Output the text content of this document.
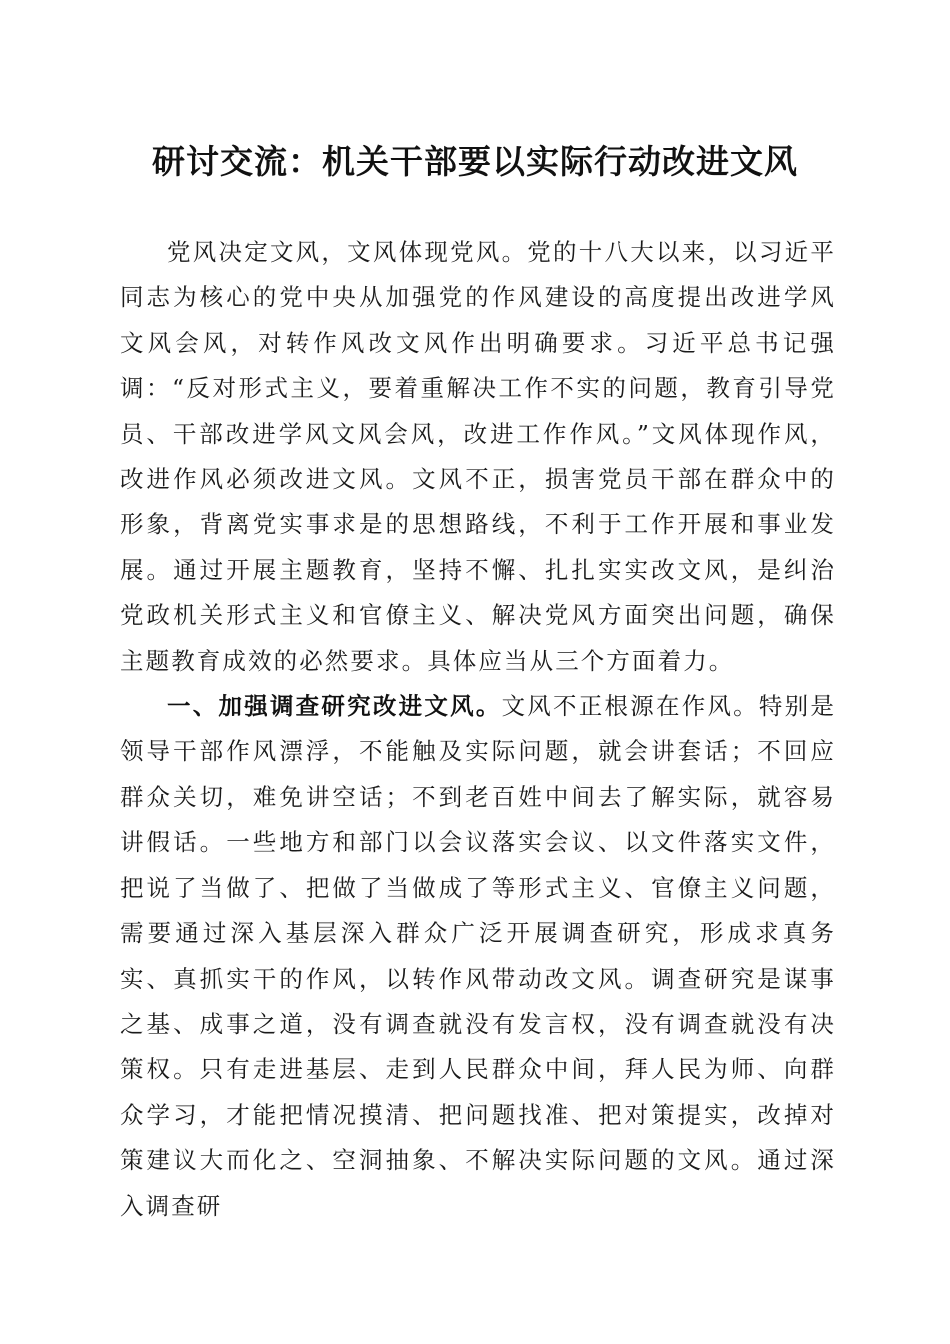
研讨交流：机关干部要以实际行动改进文风

党风决定文风，文风体现党风。党的十八大以来，以习近平同志为核心的党中央从加强党的作风建设的高度提出改进学风文风会风，对转作风改文风作出明确要求。习近平总书记强调：“反对形式主义，要着重解决工作不实的问题，教育引导党员、干部改进学风文风会风，改进工作作风。”文风体现作风，改进作风必须改进文风。文风不正，损害党员干部在群众中的形象，背离党实事求是的思想路线，不利于工作开展和事业发展。通过开展主题教育，坚持不懈、扎扎实实改文风，是纠治党政机关形式主义和官僚主义、解决党风方面突出问题，确保主题教育成效的必然要求。具体应当从三个方面着力。

一、加强调查研究改进文风。文风不正根源在作风。特别是领导干部作风漂浮，不能触及实际问题，就会讲套话；不回应群众关切，难免讲空话；不到老百姓中间去了解实际，就容易讲假话。一些地方和部门以会议落实会议、以文件落实文件，把说了当做了、把做了当做成了等形式主义、官僚主义问题，需要通过深入基层深入群众广泛开展调查研究，形成求真务实、真抓实干的作风，以转作风带动改文风。调查研究是谋事之基、成事之道，没有调查就没有发言权，没有调查就没有决策权。只有走进基层、走到人民群众中间，拜人民为师、向群众学习，才能把情况摸清、把问题找准、把对策提实，改掉对策建议大而化之、空洞抽象、不解决实际问题的文风。通过深入调查研
